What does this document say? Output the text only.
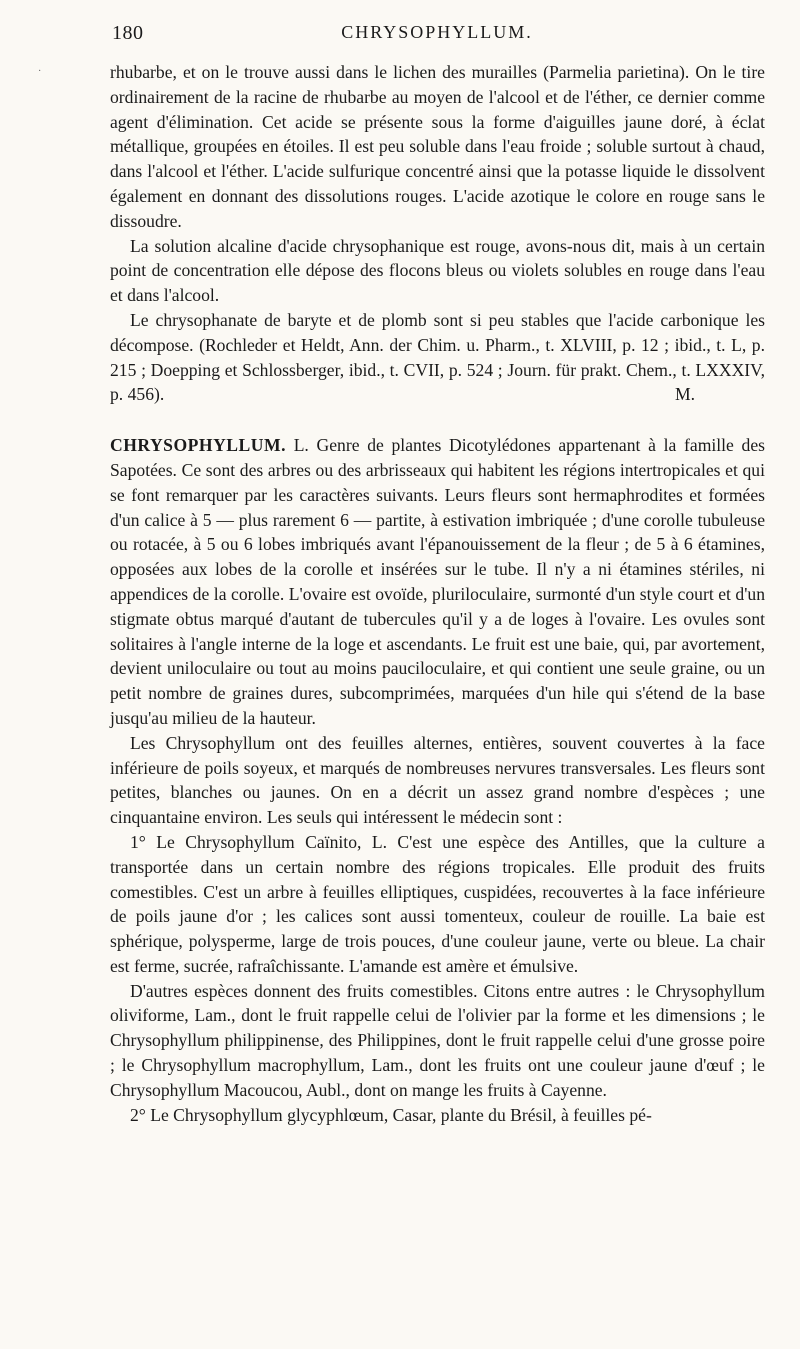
180	CHRYSOPHYLLUM.
·	rhubarbe, et on le trouve aussi dans le lichen des murailles (Parmelia parietina). On le tire ordinairement de la racine de rhubarbe au moyen de l'alcool et de l'éther, ce dernier comme agent d'élimination. Cet acide se présente sous la forme d'aiguilles jaune doré, à éclat métallique, groupées en étoiles. Il est peu soluble dans l'eau froide ; soluble surtout à chaud, dans l'alcool et l'éther. L'acide sulfurique concentré ainsi que la potasse liquide le dissolvent également en donnant des dissolutions rouges. L'acide azotique le colore en rouge sans le dissoudre.

La solution alcaline d'acide chrysophanique est rouge, avons-nous dit, mais à un certain point de concentration elle dépose des flocons bleus ou violets solubles en rouge dans l'eau et dans l'alcool.

Le chrysophanate de baryte et de plomb sont si peu stables que l'acide carbonique les décompose. (Rochleder et Heldt, Ann. der Chim. u. Pharm., t. XLVIII, p. 12 ; ibid., t. L, p. 215 ; Doepping et Schlossberger, ibid., t. CVII, p. 524 ; Journ. für prakt. Chem., t. LXXXIV, p. 456).	M.

CHRYSOPHYLLUM. L. Genre de plantes Dicotylédones appartenant à la famille des Sapotées. Ce sont des arbres ou des arbrisseaux qui habitent les régions intertropicales et qui se font remarquer par les caractères suivants. Leurs fleurs sont hermaphrodites et formées d'un calice à 5 — plus rarement 6 — partite, à estivation imbriquée ; d'une corolle tubuleuse ou rotacée, à 5 ou 6 lobes imbriqués avant l'épanouissement de la fleur ; de 5 à 6 étamines, opposées aux lobes de la corolle et insérées sur le tube. Il n'y a ni étamines stériles, ni appendices de la corolle. L'ovaire est ovoïde, pluriloculaire, surmonté d'un style court et d'un stigmate obtus marqué d'autant de tubercules qu'il y a de loges à l'ovaire. Les ovules sont solitaires à l'angle interne de la loge et ascendants. Le fruit est une baie, qui, par avortement, devient uniloculaire ou tout au moins pauciloculaire, et qui contient une seule graine, ou un petit nombre de graines dures, subcomprimées, marquées d'un hile qui s'étend de la base jusqu'au milieu de la hauteur.

Les Chrysophyllum ont des feuilles alternes, entières, souvent couvertes à la face inférieure de poils soyeux, et marqués de nombreuses nervures transversales. Les fleurs sont petites, blanches ou jaunes. On en a décrit un assez grand nombre d'espèces ; une cinquantaine environ. Les seuls qui intéressent le médecin sont :

1° Le Chrysophyllum Caïnito, L. C'est une espèce des Antilles, que la culture a transportée dans un certain nombre des régions tropicales. Elle produit des fruits comestibles. C'est un arbre à feuilles elliptiques, cuspidées, recouvertes à la face inférieure de poils jaune d'or ; les calices sont aussi tomenteux, couleur de rouille. La baie est sphérique, polysperme, large de trois pouces, d'une couleur jaune, verte ou bleue. La chair est ferme, sucrée, rafraîchissante. L'amande est amère et émulsive.

D'autres espèces donnent des fruits comestibles. Citons entre autres : le Chrysophyllum oliviforme, Lam., dont le fruit rappelle celui de l'olivier par la forme et les dimensions ; le Chrysophyllum philippinense, des Philippines, dont le fruit rappelle celui d'une grosse poire ; le Chrysophyllum macrophyllum, Lam., dont les fruits ont une couleur jaune d'œuf ; le Chrysophyllum Macoucou, Aubl., dont on mange les fruits à Cayenne.

2° Le Chrysophyllum glycyphlœum, Casar, plante du Brésil, à feuilles pé-
